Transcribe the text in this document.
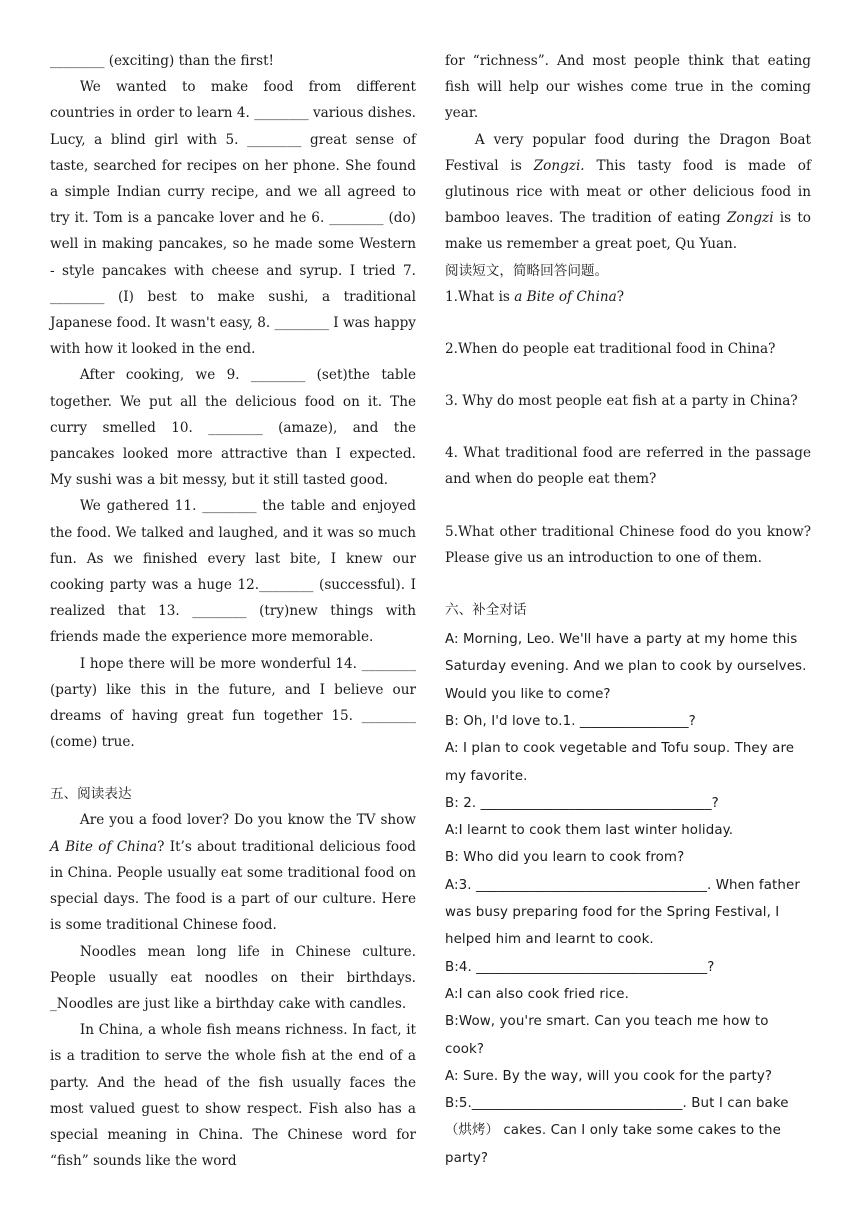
________ (exciting) than the first!

We wanted to make food from different countries in order to learn 4. ________ various dishes. Lucy, a blind girl with 5. ________ great sense of taste, searched for recipes on her phone. She found a simple Indian curry recipe, and we all agreed to try it. Tom is a pancake lover and he 6. ________ (do) well in making pancakes, so he made some Western - style pancakes with cheese and syrup. I tried 7. ________ (I) best to make sushi, a traditional Japanese food. It wasn't easy, 8. ________ I was happy with how it looked in the end.

After cooking, we 9. ________ (set)the table together. We put all the delicious food on it. The curry smelled 10. ________ (amaze), and the pancakes looked more attractive than I expected. My sushi was a bit messy, but it still tasted good.

We gathered 11. ________ the table and enjoyed the food. We talked and laughed, and it was so much fun. As we finished every last bite, I knew our cooking party was a huge 12.________ (successful). I realized that 13. ________ (try)new things with friends made the experience more memorable.

I hope there will be more wonderful 14. ________ (party) like this in the future, and I believe our dreams of having great fun together 15. ________ (come) true.

五、阅读表达

Are you a food lover? Do you know the TV show A Bite of China? It’s about traditional delicious food in China. People usually eat some traditional food on special days. The food is a part of our culture. Here is some traditional Chinese food.

Noodles mean long life in Chinese culture. People usually eat noodles on their birthdays. _Noodles are just like a birthday cake with candles.

In China, a whole fish means richness. In fact, it is a tradition to serve the whole fish at the end of a party. And the head of the fish usually faces the most valued guest to show respect. Fish also has a special meaning in China. The Chinese word for “fish” sounds like the word

for “richness”. And most people think that eating fish will help our wishes come true in the coming year.

A very popular food during the Dragon Boat Festival is Zongzi. This tasty food is made of glutinous rice with meat or other delicious food in bamboo leaves. The tradition of eating Zongzi is to make us remember a great poet, Qu Yuan.

阅读短文，简略回答问题。

1.What is a Bite of China?

2.When do people eat traditional food in China?

3. Why do most people eat fish at a party in China?

4. What traditional food are referred in the passage and when do people eat them?

5.What other traditional Chinese food do you know? Please give us an introduction to one of them.

六、补全对话

A: Morning, Leo. We'll have a party at my home this Saturday evening. And we plan to cook by ourselves. Would you like to come?

B: Oh, I'd love to.1. ________________?

A: I plan to cook vegetable and Tofu soup. They are my favorite.

B: 2. __________________________________?

A:I learnt to cook them last winter holiday.

B: Who did you learn to cook from?

A:3. __________________________________. When father was busy preparing food for the Spring Festival, I helped him and learnt to cook.

B:4. __________________________________?

A:I can also cook fried rice.

B:Wow, you're smart. Can you teach me how to cook?

A: Sure. By the way, will you cook for the party?

B:5._______________________________. But I can bake （烘烤） cakes. Can I only take some cakes to the party?
